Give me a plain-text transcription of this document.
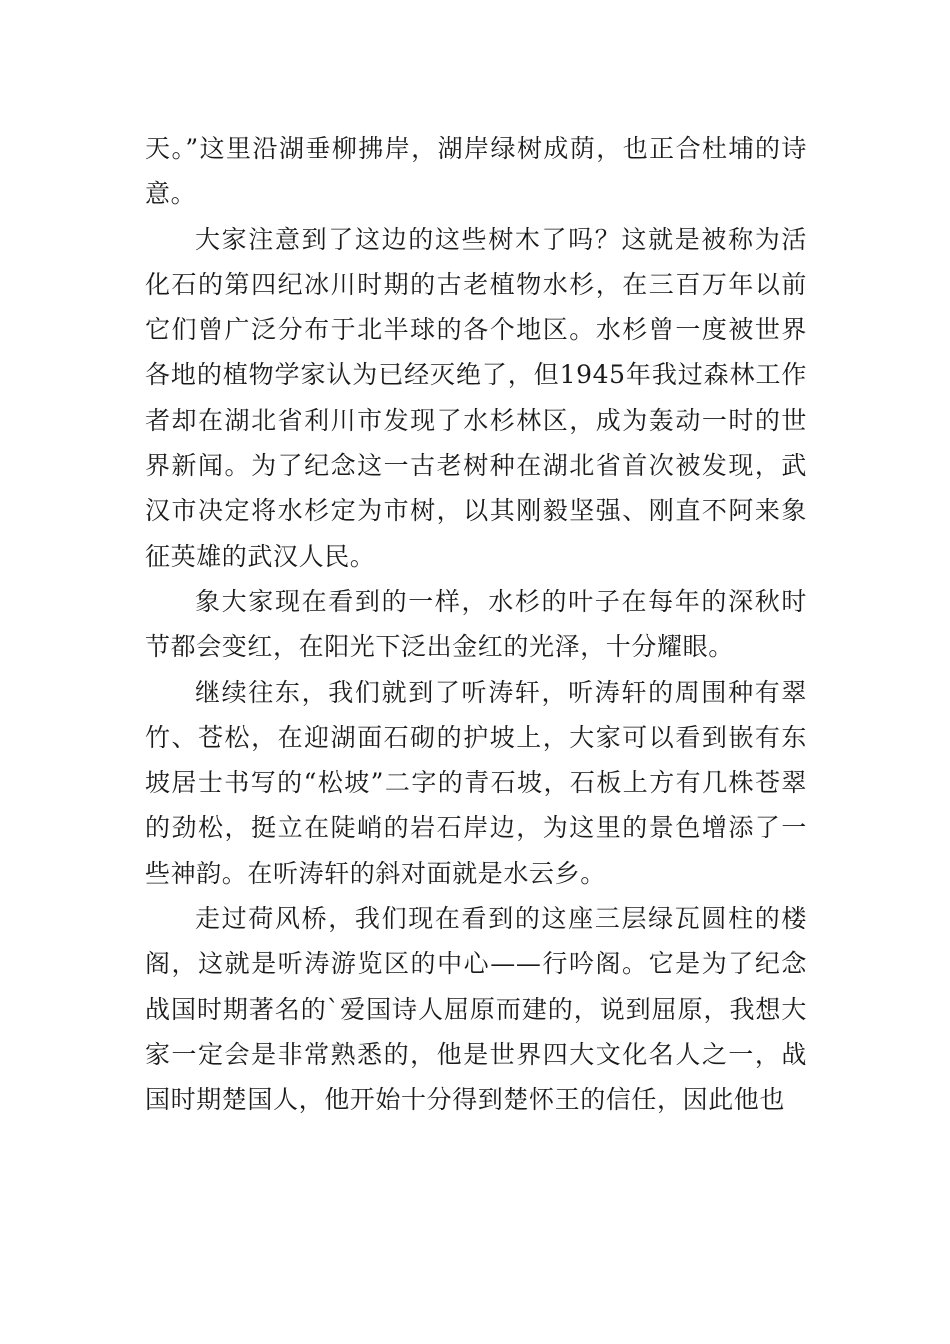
天。”这里沿湖垂柳拂岸，湖岸绿树成荫，也正合杜埔的诗意。

大家注意到了这边的这些树木了吗？这就是被称为活化石的第四纪冰川时期的古老植物水杉，在三百万年以前它们曾广泛分布于北半球的各个地区。水杉曾一度被世界各地的植物学家认为已经灭绝了，但1945年我过森林工作者却在湖北省利川市发现了水杉林区，成为轰动一时的世界新闻。为了纪念这一古老树种在湖北省首次被发现，武汉市决定将水杉定为市树，以其刚毅坚强、刚直不阿来象征英雄的武汉人民。

象大家现在看到的一样，水杉的叶子在每年的深秋时节都会变红，在阳光下泛出金红的光泽，十分耀眼。

继续往东，我们就到了听涛轩，听涛轩的周围种有翠竹、苍松，在迎湖面石砌的护坡上，大家可以看到嵌有东坡居士书写的“松坡”二字的青石坡，石板上方有几株苍翠的劲松，挺立在陡峭的岩石岸边，为这里的景色增添了一些神韵。在听涛轩的斜对面就是水云乡。

走过荷风桥，我们现在看到的这座三层绿瓦圆柱的楼阁，这就是听涛游览区的中心——行吟阁。它是为了纪念战国时期著名的`爱国诗人屈原而建的，说到屈原，我想大家一定会是非常熟悉的，他是世界四大文化名人之一，战国时期楚国人，他开始十分得到楚怀王的信任，因此他也
